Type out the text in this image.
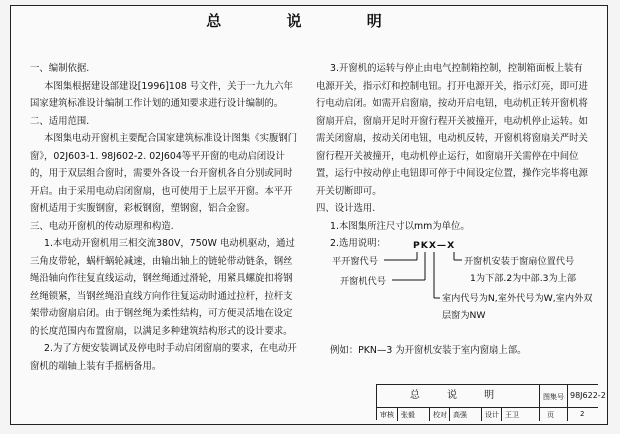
总 说 明

一、编制依据.

本图集根据建设部建设[1996]108 号文件，关于一九九六年国家建筑标准设计编制工作计划的通知要求进行设计编制的。

二、适用范围.

本图集电动开窗机主要配合国家建筑标准设计图集《实腹钢门窗》，02J603-1. 98J602-2. 02J604等平开窗的电动启闭设计的，用于双层组合窗时，需要外各设一台开窗机各自分别或同时开启。由于采用电动启闭窗扇，也可使用于上层平开窗。本平开窗机适用于实腹钢窗，彩板钢窗，塑钢窗，铝合金窗。

三、电动开窗机的传动原理和构造.

1.本电动开窗机用三相交流380V，750W 电动机驱动，通过三角皮带轮，蜗杆蜗轮减速，由输出轴上的链轮带动链条，钢丝绳沿轴向作往复直线运动，钢丝绳通过滑轮，用紧具螺旋扣将钢丝绳锁紧，当钢丝绳沿直线方向作往复运动时通过拉杆，拉杆支架带动窗扇启闭。由于钢丝绳为柔性结构，可方便灵活地在设定的长度范围内布置窗扇，以满足多种建筑结构形式的设计要求。

2.为了方便安装调试及停电时手动启闭窗扇的要求，在电动开窗机的端轴上装有手摇柄备用。

3.开窗机的运转与停止由电气控制箱控制，控制箱面板上装有电源开关，指示灯和控制电钮。打开电源开关，指示灯亮，即可进行电动启闭。如需开启窗扇，按动开启电钮，电动机正转开窗机将窗扇开启，窗扇开足时开窗行程开关被撞开，电动机停止运转。如需关闭窗扇，按动关闭电钮，电动机反转，开窗机将窗扇关严时关窗行程开关被撞开，电动机停止运行，如窗扇开关需停在中间位置，运行中按动停止电钮即可停于中间设定位置，操作完毕将电源开关切断即可。

四、设计选用.

1.本图集所注尺寸以mm为单位。

2.选用说明：	PKX—X
平开窗代号
开窗机代号
开窗机安装于窗扇位置代号
1为下部.2为中部.3为上部
室内代号为N,室外代号为W,室内外双
层窗为NW
例如：PKN—3 为开窗机安装于室内窗扇上部。
总 说 明	图集号 98J622-2
审核 张毅	校对 高强	设计 王卫	页	2
